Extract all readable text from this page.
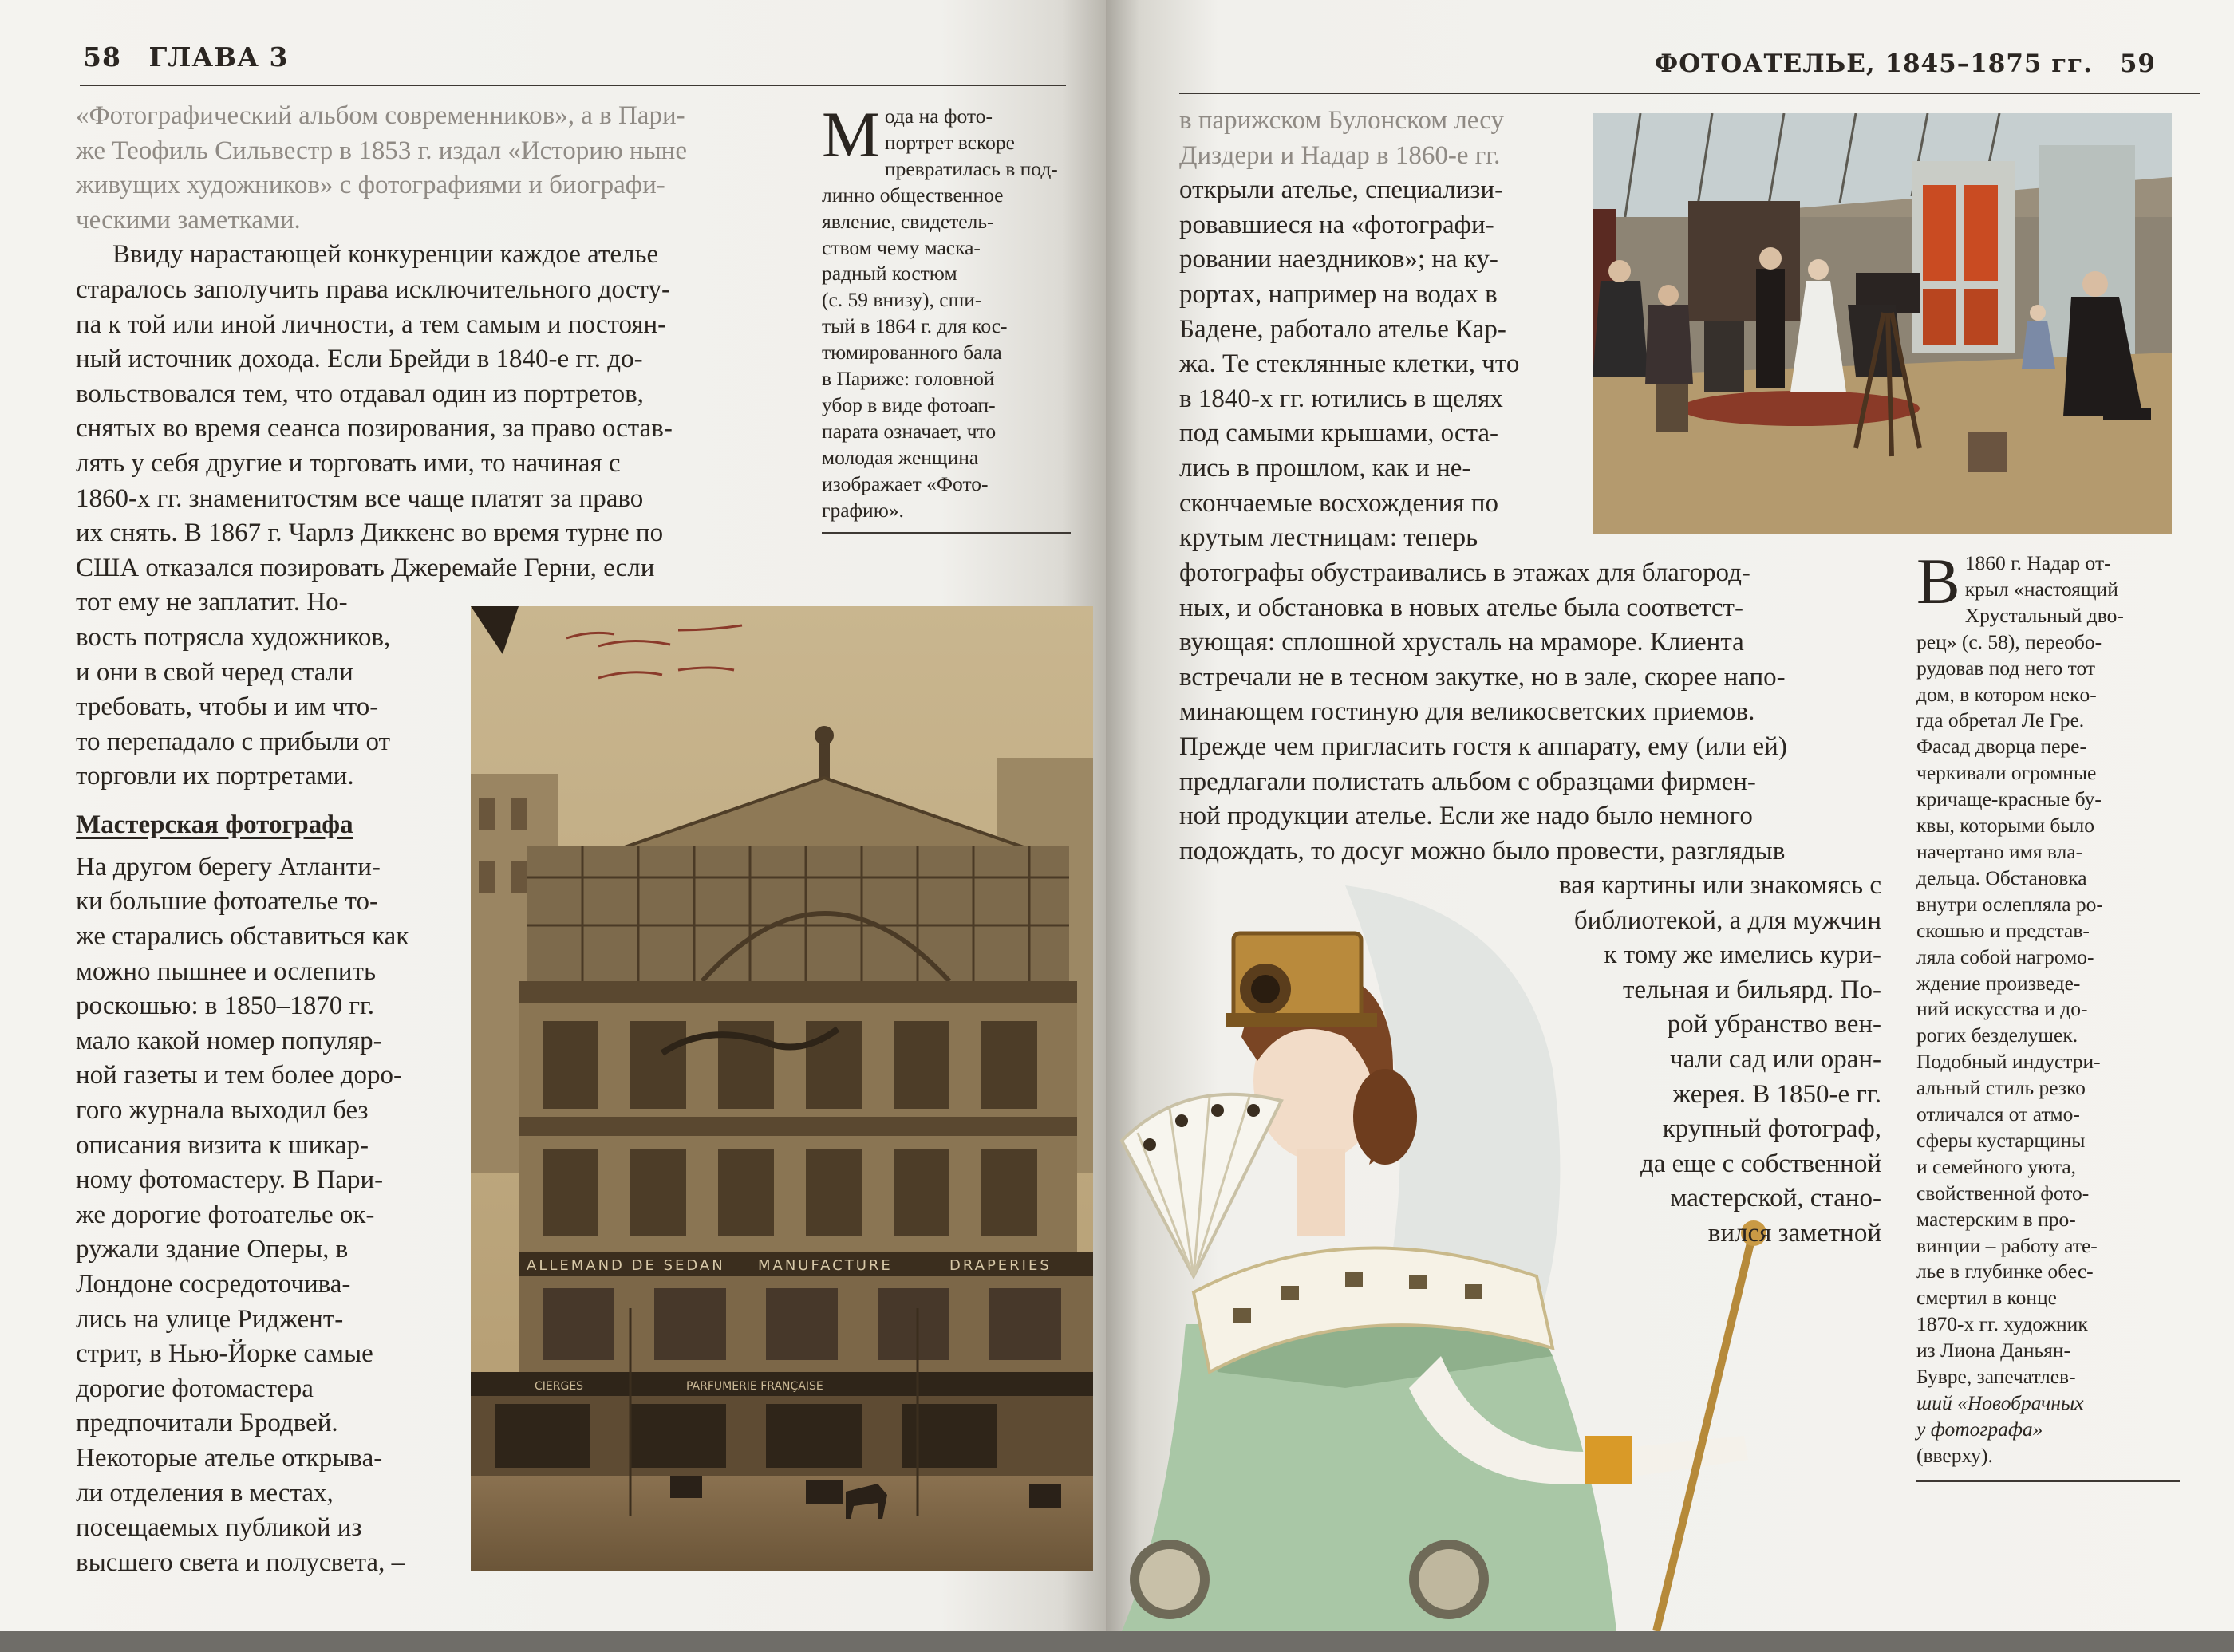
58 ГЛАВА 3

«Фотографический альбом современников», а в Пари-
же Теофиль Сильвестр в 1853 г. издал «Историю ныне
живущих художников» с фотографиями и биографи-
ческими заметками.

Ввиду нарастающей конкуренции каждое ателье
старалось заполучить права исключительного досту-
па к той или иной личности, а тем самым и постоян-
ный источник дохода. Если Брейди в 1840-е гг. до-
вольствовался тем, что отдавал один из портретов,
снятых во время сеанса позирования, за право остав-
лять у себя другие и торговать ими, то начиная с
1860-х гг. знаменитостям все чаще платят за право
их снять. В 1867 г. Чарлз Диккенс во время турне по
США отказался позировать Джеремайе Герни, если
тот ему не заплатит. Но-
вость потрясла художников,
и они в свой черед стали
требовать, чтобы и им что-
то перепадало с прибыли от
торговли их портретами.

Мастерская фотографа

На другом берегу Атланти-
ки большие фотоателье то-
же старались обставиться как
можно пышнее и ослепить
роскошью: в 1850–1870 гг.
мало какой номер популяр-
ной газеты и тем более доро-
гого журнала выходил без
описания визита к шикар-
ному фотомастеру. В Пари-
же дорогие фотоателье ок-
ружали здание Оперы, в
Лондоне сосредоточива-
лись на улице Риджент-
стрит, в Нью-Йорке самые
дорогие фотомастера
предпочитали Бродвей.
Некоторые ателье открыва-
ли отделения в местах,
посещаемых публикой из
высшего света и полусвета, –

М ода на фото-
портрет вскоре
превратилась в под-
линно общественное
явление, свидетель-
ством чему маска-
радный костюм
(с. 59 внизу), сши-
тый в 1864 г. для кос-
тюмированного бала
в Париже: головной
убор в виде фотоап-
парата означает, что
молодая женщина
изображает «Фото-
графию».
ALLEMAND DE SEDAN MANUFACTURE	DRAPERIES
CIERGES	PARFUMERIE FRANÇAISE
ФОТОАТЕЛЬЕ, 1845–1875 гг. 59
в парижском Булонском лесу
Диздери и Надар в 1860-е гг.
открыли ателье, специализи-
ровавшиеся на «фотографи-
ровании наездников»; на ку-
рортах, например на водах в
Бадене, работало ателье Кар-
жа. Те стеклянные клетки, что
в 1840-х гг. ютились в щелях
под самыми крышами, оста-
лись в прошлом, как и не-
скончаемые восхождения по
крутым лестницам: теперь
фотографы обустраивались в этажах для благород-
ных, и обстановка в новых ателье была соответст-
вующая: сплошной хрусталь на мраморе. Клиента
встречали не в тесном закутке, но в зале, скорее напо-
минающем гостиную для великосветских приемов.
Прежде чем пригласить гостя к аппарату, ему (или ей)
предлагали полистать альбом с образцами фирмен-
ной продукции ателье. Если же надо было немного
подождать, то досуг можно было провести, разглядыв
вая картины или знакомясь с
библиотекой, а для мужчин
к тому же имелись кури-
тельная и бильярд. По-
рой убранство вен-
чали сад или оран-
жерея. В 1850-е гг.
крупный фотограф,
да еще с собственной
мастерской, стано-
вился заметной
В 1860 г. Надар от-
крыл «настоящий
Хрустальный дво-
рец» (с. 58), переобо-
рудовав под него тот
дом, в котором некo-
гда обретал Ле Гре.
Фасад дворца пере-
черкивали огромные
кричаще-красные бу-
квы, которыми было
начертано имя вла-
дельца. Обстановка
внутри ослепляла ро-
скошью и представ-
ляла собой нагромо-
ждение произведе-
ний искусства и до-
рогих безделушек.
Подобный индустри-
альный стиль резко
отличался от атмо-
сферы кустарщины
и семейного уюта,
свойственной фото-
мастерским в про-
винции – работу ате-
лье в глубинке обес-
смертил в конце
1870-х гг. художник
из Лиона Даньян-
Бувре, запечатлев-
ший «Новобрачных
у фотографа»
(вверху).
